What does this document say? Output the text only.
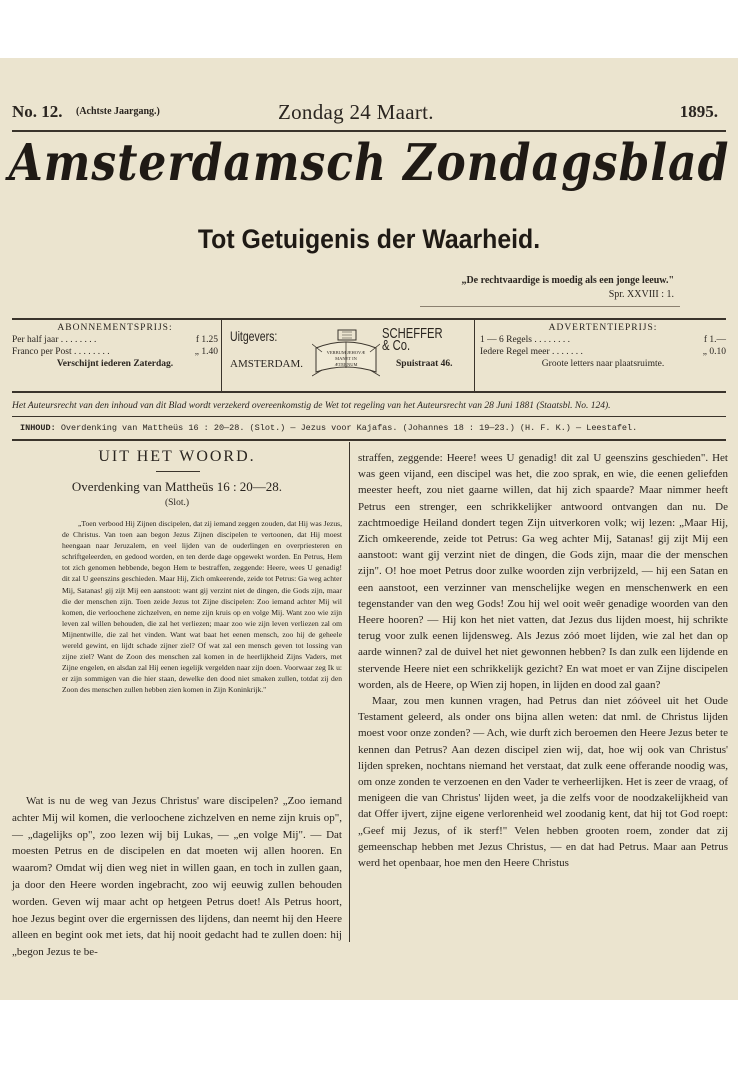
No. 12. (Achtste Jaargang.)	Zondag 24 Maart.	1895.
Amsterdamsch Zondagsblad
Tot Getuigenis der Waarheid.
„De rechtvaardige is moedig als een jonge leeuw."
Spr. XXVIII : 1.
ABONNEMENTSPRIJS:
Per half jaar . . . . . . . .	f 1.25
Franco per Post . . . . . . . .	„ 1.40
Verschijnt iederen Zaterdag.
Uitgevers:
AMSTERDAM.
VERBUM JEHOVÆ MANET IN ÆTERNUM
SCHEFFER & Co.
Spuistraat 46.
ADVERTENTIEPRIJS:
1 — 6 Regels . . . . . . . .	f 1.—
Iedere Regel meer . . . . . . .	„ 0.10
Groote letters naar plaatsruimte.
Het Auteursrecht van den inhoud van dit Blad wordt verzekerd overeenkomstig de Wet tot regeling van het Auteursrecht van 28 Juni 1881 (Staatsbl. No. 124).
INHOUD: Overdenking van Mattheüs 16 : 20—28. (Slot.) — Jezus voor Kajafas. (Johannes 18 : 19—23.) (H. F. K.) — Leestafel.
UIT HET WOORD.
Overdenking van Mattheüs 16 : 20—28.
(Slot.)

„Toen verbood Hij Zijnen discipelen, dat zij iemand zeggen zouden, dat Hij was Jezus, de Christus. Van toen aan begon Jezus Zijnen discipelen te vertoonen, dat Hij moest heengaan naar Jeruzalem, en veel lijden van de ouderlingen en overpriesteren en schriftgeleerden, en gedood worden, en ten derde dage opgewekt worden. En Petrus, Hem tot zich genomen hebbende, begon Hem te bestraffen, zeggende: Heere, wees U genadig! dit zal U geenszins geschieden. Maar Hij, Zich omkeerende, zeide tot Petrus: Ga weg achter Mij, Satanas! gij zijt Mij een aanstoot: want gij verzint niet de dingen, die Gods zijn, maar die der menschen zijn. Toen zeide Jezus tot Zijne discipelen: Zoo iemand achter Mij wil komen, die verloochene zichzelven, en neme zijn kruis op en volge Mij. Want zoo wie zijn leven zal willen behouden, die zal het verliezen; maar zoo wie zijn leven verliezen zal om Mijnentwille, die zal het vinden. Want wat baat het eenen mensch, zoo hij de geheele wereld gewint, en lijdt schade zijner ziel? Of wat zal een mensch geven tot lossing van zijne ziel? Want de Zoon des menschen zal komen in de heerlijkheid Zijns Vaders, met Zijne engelen, en alsdan zal Hij eenen iegelijk vergelden naar zijn doen. Voorwaar zeg Ik u: er zijn sommigen van die hier staan, dewelke den dood niet smaken zullen, totdat zij den Zoon des menschen zullen hebben zien komen in Zijn Koninkrijk."

Wat is nu de weg van Jezus Christus' ware discipelen? „Zoo iemand achter Mij wil komen, die verloochene zichzelven en neme zijn kruis op", — „dagelijks op", zoo lezen wij bij Lukas, — „en volge Mij". — Dat moesten Petrus en de discipelen en dat moeten wij allen hooren. En waarom? Omdat wij dien weg niet in willen gaan, en toch in zullen gaan, ja door den Heere worden ingebracht, zoo wij eeuwig zullen behouden worden. Geven wij maar acht op hetgeen Petrus doet! Als Petrus hoort, hoe Jezus begint over die ergernissen des lijdens, dan neemt hij den Heere alleen en begint ook met iets, dat hij nooit gedacht had te zullen doen: hij „begon Jezus te be-

straffen, zeggende: Heere! wees U genadig! dit zal U geenszins geschieden". Het was geen vijand, een discipel was het, die zoo sprak, en wie, die eenen geliefden meester heeft, zou niet gaarne willen, dat hij zich spaarde? Maar nimmer heeft Petrus een strenger, een schrikkelijker antwoord ontvangen dan nu. De zachtmoedige Heiland dondert tegen Zijn uitverkoren volk; wij lezen: „Maar Hij, Zich omkeerende, zeide tot Petrus: Ga weg achter Mij, Satanas! gij zijt Mij een aanstoot: want gij verzint niet de dingen, die Gods zijn, maar die der menschen zijn". O! hoe moet Petrus door zulke woorden zijn verbrijzeld, — hij een Satan en een aanstoot, een verzinner van menschelijke wegen en menschenwerk en een tegenstander van den weg Gods! Zou hij wel ooit weêr genadige woorden van den Heere hooren? — Hij kon het niet vatten, dat Jezus dus lijden moest, hij schrikte terug voor zulk eenen lijdensweg. Als Jezus zóó moet lijden, wie zal het dan op aarde winnen? zal de duivel het niet gewonnen hebben? Is dan zulk een lijdende en stervende Heere niet een schrikkelijk gezicht? En wat moet er van Zijne discipelen worden, als de Heere, op Wien zij hopen, in lijden en dood zal gaan?

Maar, zou men kunnen vragen, had Petrus dan niet zóóveel uit het Oude Testament geleerd, als onder ons bijna allen weten: dat nml. de Christus lijden moest voor onze zonden? — Ach, wie durft zich beroemen den Heere Jezus beter te kennen dan Petrus? Aan dezen discipel zien wij, dat, hoe wij ook van Christus' lijden spreken, nochtans niemand het verstaat, dat zulk eene offerande noodig was, om onze zonden te verzoenen en den Vader te verheerlijken. Het is zeer de vraag, of menigeen die van Christus' lijden weet, ja die zelfs voor de noodzakelijkheid van dat Offer ijvert, zijne eigene verlorenheid wel zoodanig kent, dat hij tot God roept: „Geef mij Jezus, of ik sterf!" Velen hebben grooten roem, zonder dat zij gemeenschap hebben met Jezus Christus, — en dat had Petrus. Maar aan Petrus werd het openbaar, hoe men den Heere Christus
